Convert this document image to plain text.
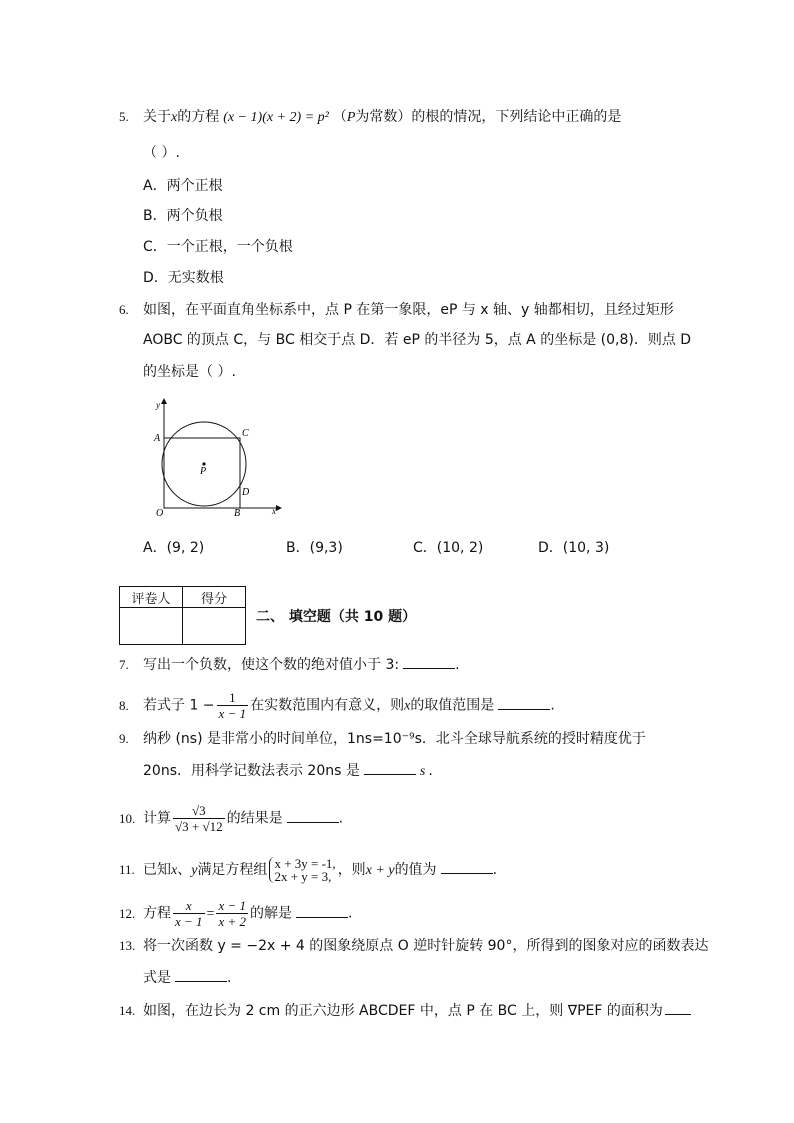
5. 关于x的方程 (x − 1)(x + 2) = p² （P为常数）的根的情况，下列结论中正确的是
（ ）.
A．两个正根
B．两个负根
C．一个正根，一个负根
D．无实数根
6. 如图，在平面直角坐标系中，点 P 在第一象限，eP 与 x 轴、y 轴都相切，且经过矩形
AOBC 的顶点 C，与 BC 相交于点 D．若 eP 的半径为 5，点 A 的坐标是 (0,8)．则点 D
的坐标是（ ）.
y
x
A	C
P
D
O	B
A．(9, 2)	B．(9,3)	C．(10, 2)	D．(10, 3)
评卷人	得分

二、 填空题（共 10 题）
7. 写出一个负数，使这个数的绝对值小于 3:	.
8. 若式子 $1 - \frac{1}{x - 1}$ 在实数范围内有意义，则x的取值范围是	.
9. 纳秒 (ns) 是非常小的时间单位，1ns=10⁻⁹s．北斗全球导航系统的授时精度优于
20ns．用科学记数法表示 20ns 是	s .
10. 计算 $\frac{√3}{√3 + √12}$ 的结果是	.
11. 已知x、y满足方程组 x + 3y = -1,
2x + y = 3, ，则x + y的值为	.
12. 方程 $\frac{x}{x - 1} = \frac{x - 1}{x + 2}$ 的解是	.
13. 将一次函数 y = −2x + 4 的图象绕原点 O 逆时针旋转 90°，所得到的图象对应的函数表达
式是	.
14. 如图，在边长为 2 cm 的正六边形 ABCDEF 中，点 P 在 BC 上，则 ∇PEF 的面积为
